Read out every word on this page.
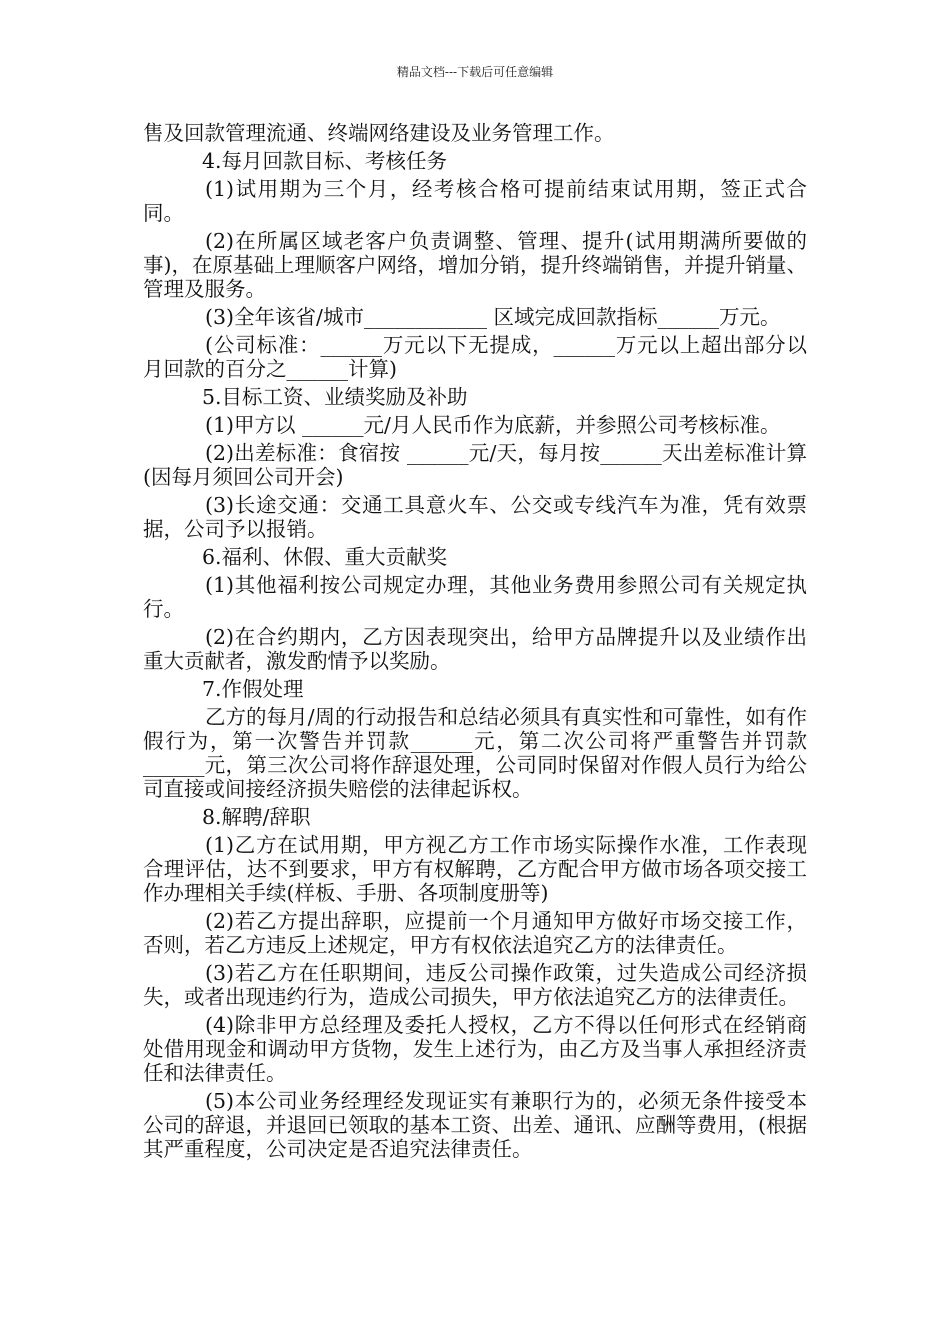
精品文档---下载后可任意编辑

售及回款管理流通、终端网络建设及业务管理工作。

4.每月回款目标、考核任务

(1)试用期为三个月，经考核合格可提前结束试用期，签正式合同。

(2)在所属区域老客户负责调整、管理、提升(试用期满所要做的事)，在原基础上理顺客户网络，增加分销，提升终端销售，并提升销量、管理及服务。

(3)全年该省/城市____________ 区域完成回款指标______万元。

(公司标准：______万元以下无提成，______万元以上超出部分以月回款的百分之______计算)

5.目标工资、业绩奖励及补助

(1)甲方以 ______元/月人民币作为底薪，并参照公司考核标准。

(2)出差标准：食宿按 ______元/天，每月按______天出差标准计算(因每月须回公司开会)

(3)长途交通：交通工具意火车、公交或专线汽车为准，凭有效票据，公司予以报销。

6.福利、休假、重大贡献奖

(1)其他福利按公司规定办理，其他业务费用参照公司有关规定执行。

(2)在合约期内，乙方因表现突出，给甲方品牌提升以及业绩作出重大贡献者，激发酌情予以奖励。

7.作假处理

乙方的每月/周的行动报告和总结必须具有真实性和可靠性，如有作假行为，第一次警告并罚款______元，第二次公司将严重警告并罚款______元，第三次公司将作辞退处理，公司同时保留对作假人员行为给公司直接或间接经济损失赔偿的法律起诉权。

8.解聘/辞职

(1)乙方在试用期，甲方视乙方工作市场实际操作水准，工作表现合理评估，达不到要求，甲方有权解聘，乙方配合甲方做市场各项交接工作办理相关手续(样板、手册、各项制度册等)

(2)若乙方提出辞职，应提前一个月通知甲方做好市场交接工作，否则，若乙方违反上述规定，甲方有权依法追究乙方的法律责任。

(3)若乙方在任职期间，违反公司操作政策，过失造成公司经济损失，或者出现违约行为，造成公司损失，甲方依法追究乙方的法律责任。

(4)除非甲方总经理及委托人授权，乙方不得以任何形式在经销商处借用现金和调动甲方货物，发生上述行为，由乙方及当事人承担经济责任和法律责任。

(5)本公司业务经理经发现证实有兼职行为的，必须无条件接受本公司的辞退，并退回已领取的基本工资、出差、通讯、应酬等费用，(根据其严重程度，公司决定是否追究法律责任。
